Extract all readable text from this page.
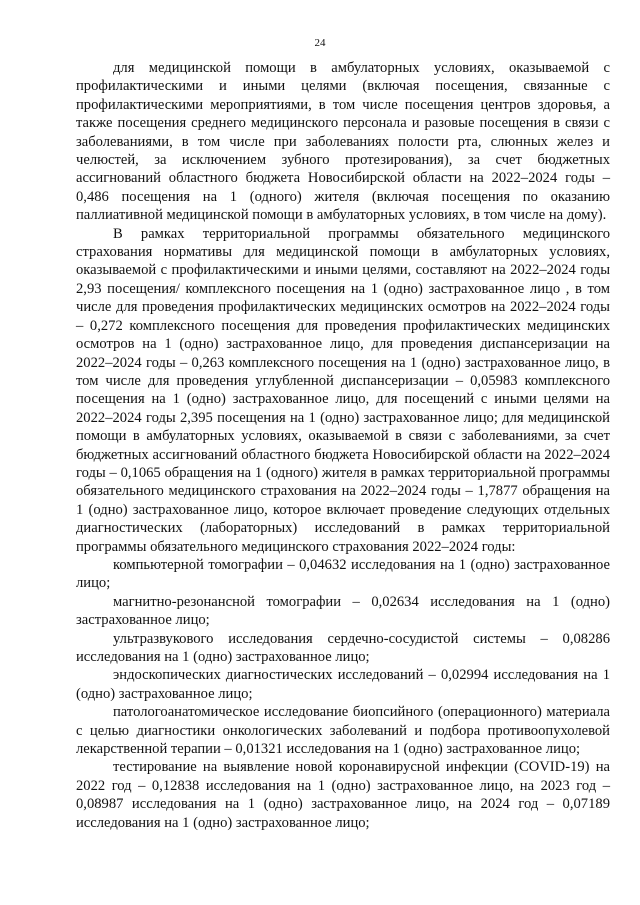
24

для медицинской помощи в амбулаторных условиях, оказываемой с профилактическими и иными целями (включая посещения, связанные с профилактическими мероприятиями, в том числе посещения центров здоровья, а также посещения среднего медицинского персонала и разовые посещения в связи с заболеваниями, в том числе при заболеваниях полости рта, слюнных желез и челюстей, за исключением зубного протезирования), за счет бюджетных ассигнований областного бюджета Новосибирской области на 2022–2024 годы – 0,486 посещения на 1 (одного) жителя (включая посещения по оказанию паллиативной медицинской помощи в амбулаторных условиях, в том числе на дому).

В рамках территориальной программы обязательного медицинского страхования нормативы для медицинской помощи в амбулаторных условиях, оказываемой с профилактическими и иными целями, составляют на 2022–2024 годы 2,93 посещения/ комплексного посещения на 1 (одно) застрахованное лицо , в том числе для проведения профилактических медицинских осмотров на 2022–2024 годы – 0,272 комплексного посещения для проведения профилактических медицинских осмотров на 1 (одно) застрахованное лицо, для проведения диспансеризации на 2022–2024 годы – 0,263 комплексного посещения на 1 (одно) застрахованное лицо, в том числе для проведения углубленной диспансеризации – 0,05983 комплексного посещения на 1 (одно) застрахованное лицо, для посещений с иными целями на 2022–2024 годы 2,395 посещения на 1 (одно) застрахованное лицо; для медицинской помощи в амбулаторных условиях, оказываемой в связи с заболеваниями, за счет бюджетных ассигнований областного бюджета Новосибирской области на 2022–2024 годы – 0,1065 обращения на 1 (одного) жителя в рамках территориальной программы обязательного медицинского страхования на 2022–2024 годы – 1,7877 обращения на 1 (одно) застрахованное лицо, которое включает проведение следующих отдельных диагностических (лабораторных) исследований в рамках территориальной программы обязательного медицинского страхования 2022–2024 годы:

компьютерной томографии – 0,04632 исследования на 1 (одно) застрахованное лицо;

магнитно-резонансной томографии – 0,02634 исследования на 1 (одно) застрахованное лицо;

ультразвукового исследования сердечно-сосудистой системы – 0,08286 исследования на 1 (одно) застрахованное лицо;

эндоскопических диагностических исследований – 0,02994 исследования на 1 (одно) застрахованное лицо;

патологоанатомическое исследование биопсийного (операционного) материала с целью диагностики онкологических заболеваний и подбора противоопухолевой лекарственной терапии – 0,01321 исследования на 1 (одно) застрахованное лицо;

тестирование на выявление новой коронавирусной инфекции (COVID-19) на 2022 год – 0,12838 исследования на 1 (одно) застрахованное лицо, на 2023 год – 0,08987 исследования на 1 (одно) застрахованное лицо, на 2024 год – 0,07189 исследования на 1 (одно) застрахованное лицо;
